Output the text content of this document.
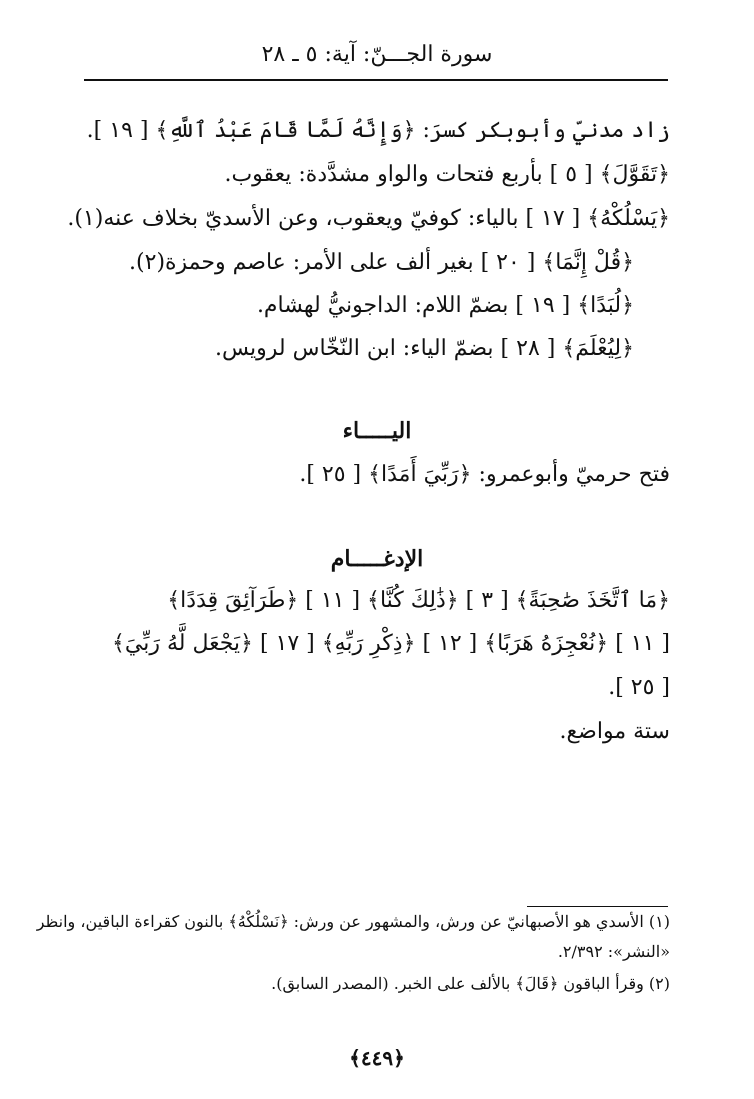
سورة الجـــنّ: آية: ٥ ـ ٢٨
زاد مدنيّ وأبوبكر كسرَ: ﴿وَإِنَّهُ لَمَّا قَامَ عَبْدُ ٱللَّهِ﴾ [ ١٩ ].
﴿تَقَوَّلَ﴾ [ ٥ ] بأربع فتحات والواو مشدَّدة: يعقوب.
﴿يَسْلُكْهُ﴾ [ ١٧ ] بالياء: كوفيّ ويعقوب، وعن الأسديّ بخلاف عنه(١).
﴿قُلْ إِنَّمَا﴾ [ ٢٠ ] بغير ألف على الأمر: عاصم وحمزة(٢).
﴿لُبَدًا﴾ [ ١٩ ] بضمّ اللام: الداجونيُّ لهشام.
﴿لِيُعْلَمَ﴾ [ ٢٨ ] بضمّ الياء: ابن النّخّاس لرويس.
اليـــــاء
فتح حرميّ وأبوعمرو: ﴿رَبِّيَ أَمَدًا﴾ [ ٢٥ ].
الإدغـــــام
﴿مَا ٱتَّخَذَ صَٰحِبَةً﴾ [ ٣ ] ﴿ذَٰلِكَ كُنَّا﴾ [ ١١ ] ﴿طَرَآئِقَ قِدَدًا﴾
[ ١١ ] ﴿نُعْجِزَهُ هَرَبًا﴾ [ ١٢ ] ﴿ذِكْرِ رَبِّهِ﴾ [ ١٧ ] ﴿يَجْعَل لَّهُ رَبِّيَ﴾
[ ٢٥ ].
ستة مواضع.
(١) الأسدي هو الأصبهانيّ عن ورش، والمشهور عن ورش: ﴿نَسْلُكْهُ﴾ بالنون كقراءة الباقين، وانظر
«النشر»: ٢/٣٩٢.
(٢) وقرأ الباقون ﴿قَالَ﴾ بالألف على الخبر. (المصدر السابق).
﴿٤٤٩﴾
